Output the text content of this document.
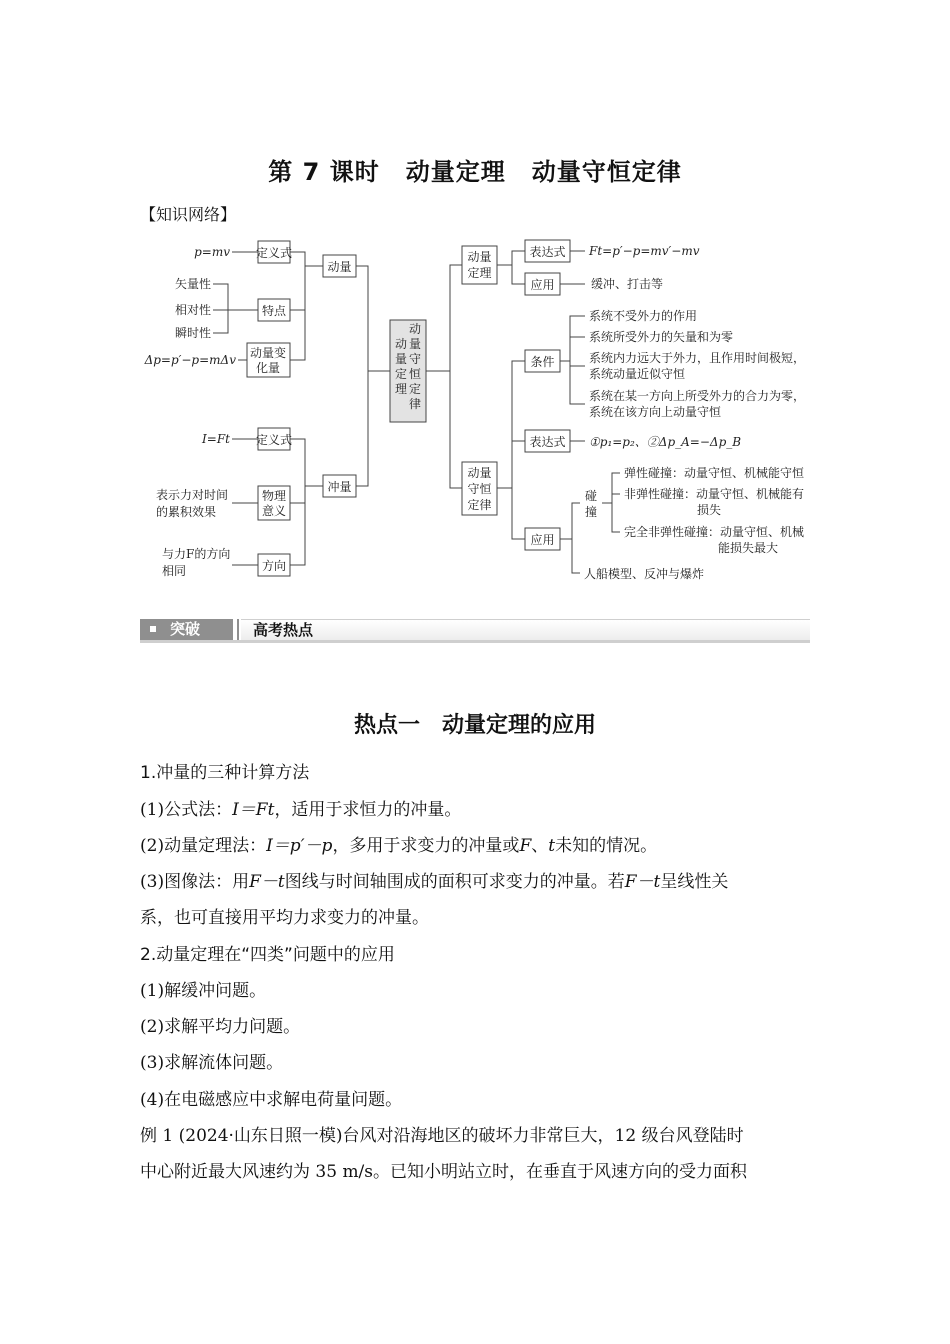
第 7 课时 动量定理 动量守恒定律
【知识网络】
动
量
定
理
动
量
守
恒
定
律
动量
定义式
p=mv
特点
矢量性
相对性
瞬时性
动量变
化量
Δp=p′−p=mΔv
冲量
定义式
I=Ft
物理
意义
表示力对时间
的累积效果
方向
与力F的方向
相同
动量
定理
表达式 Ft=p′−p=mv′−mv
应用	缓冲、打击等
动量
守恒
定律
条件
系统不受外力的作用
系统所受外力的矢量和为零
系统内力远大于外力，且作用时间极短，
系统动量近似守恒
系统在某一方向上所受外力的合力为零，
系统在该方向上动量守恒
表达式 ①p₁=p₂、②Δp_A=−Δp_B
应用
碰
撞
弹性碰撞：动量守恒、机械能守恒
非弹性碰撞：动量守恒、机械能有
损失
完全非弹性碰撞：动量守恒、机械
能损失最大
人船模型、反冲与爆炸
突破	高考热点
热点一 动量定理的应用
1.冲量的三种计算方法
(1)公式法：I＝Ft，适用于求恒力的冲量。
(2)动量定理法：I＝p′－p，多用于求变力的冲量或F、t未知的情况。
(3)图像法：用F－t图线与时间轴围成的面积可求变力的冲量。若F－t呈线性关
系，也可直接用平均力求变力的冲量。
2.动量定理在“四类”问题中的应用
(1)解缓冲问题。
(2)求解平均力问题。
(3)求解流体问题。
(4)在电磁感应中求解电荷量问题。
例 1 (2024·山东日照一模)台风对沿海地区的破坏力非常巨大，12 级台风登陆时
中心附近最大风速约为 35 m/s。已知小明站立时，在垂直于风速方向的受力面积
